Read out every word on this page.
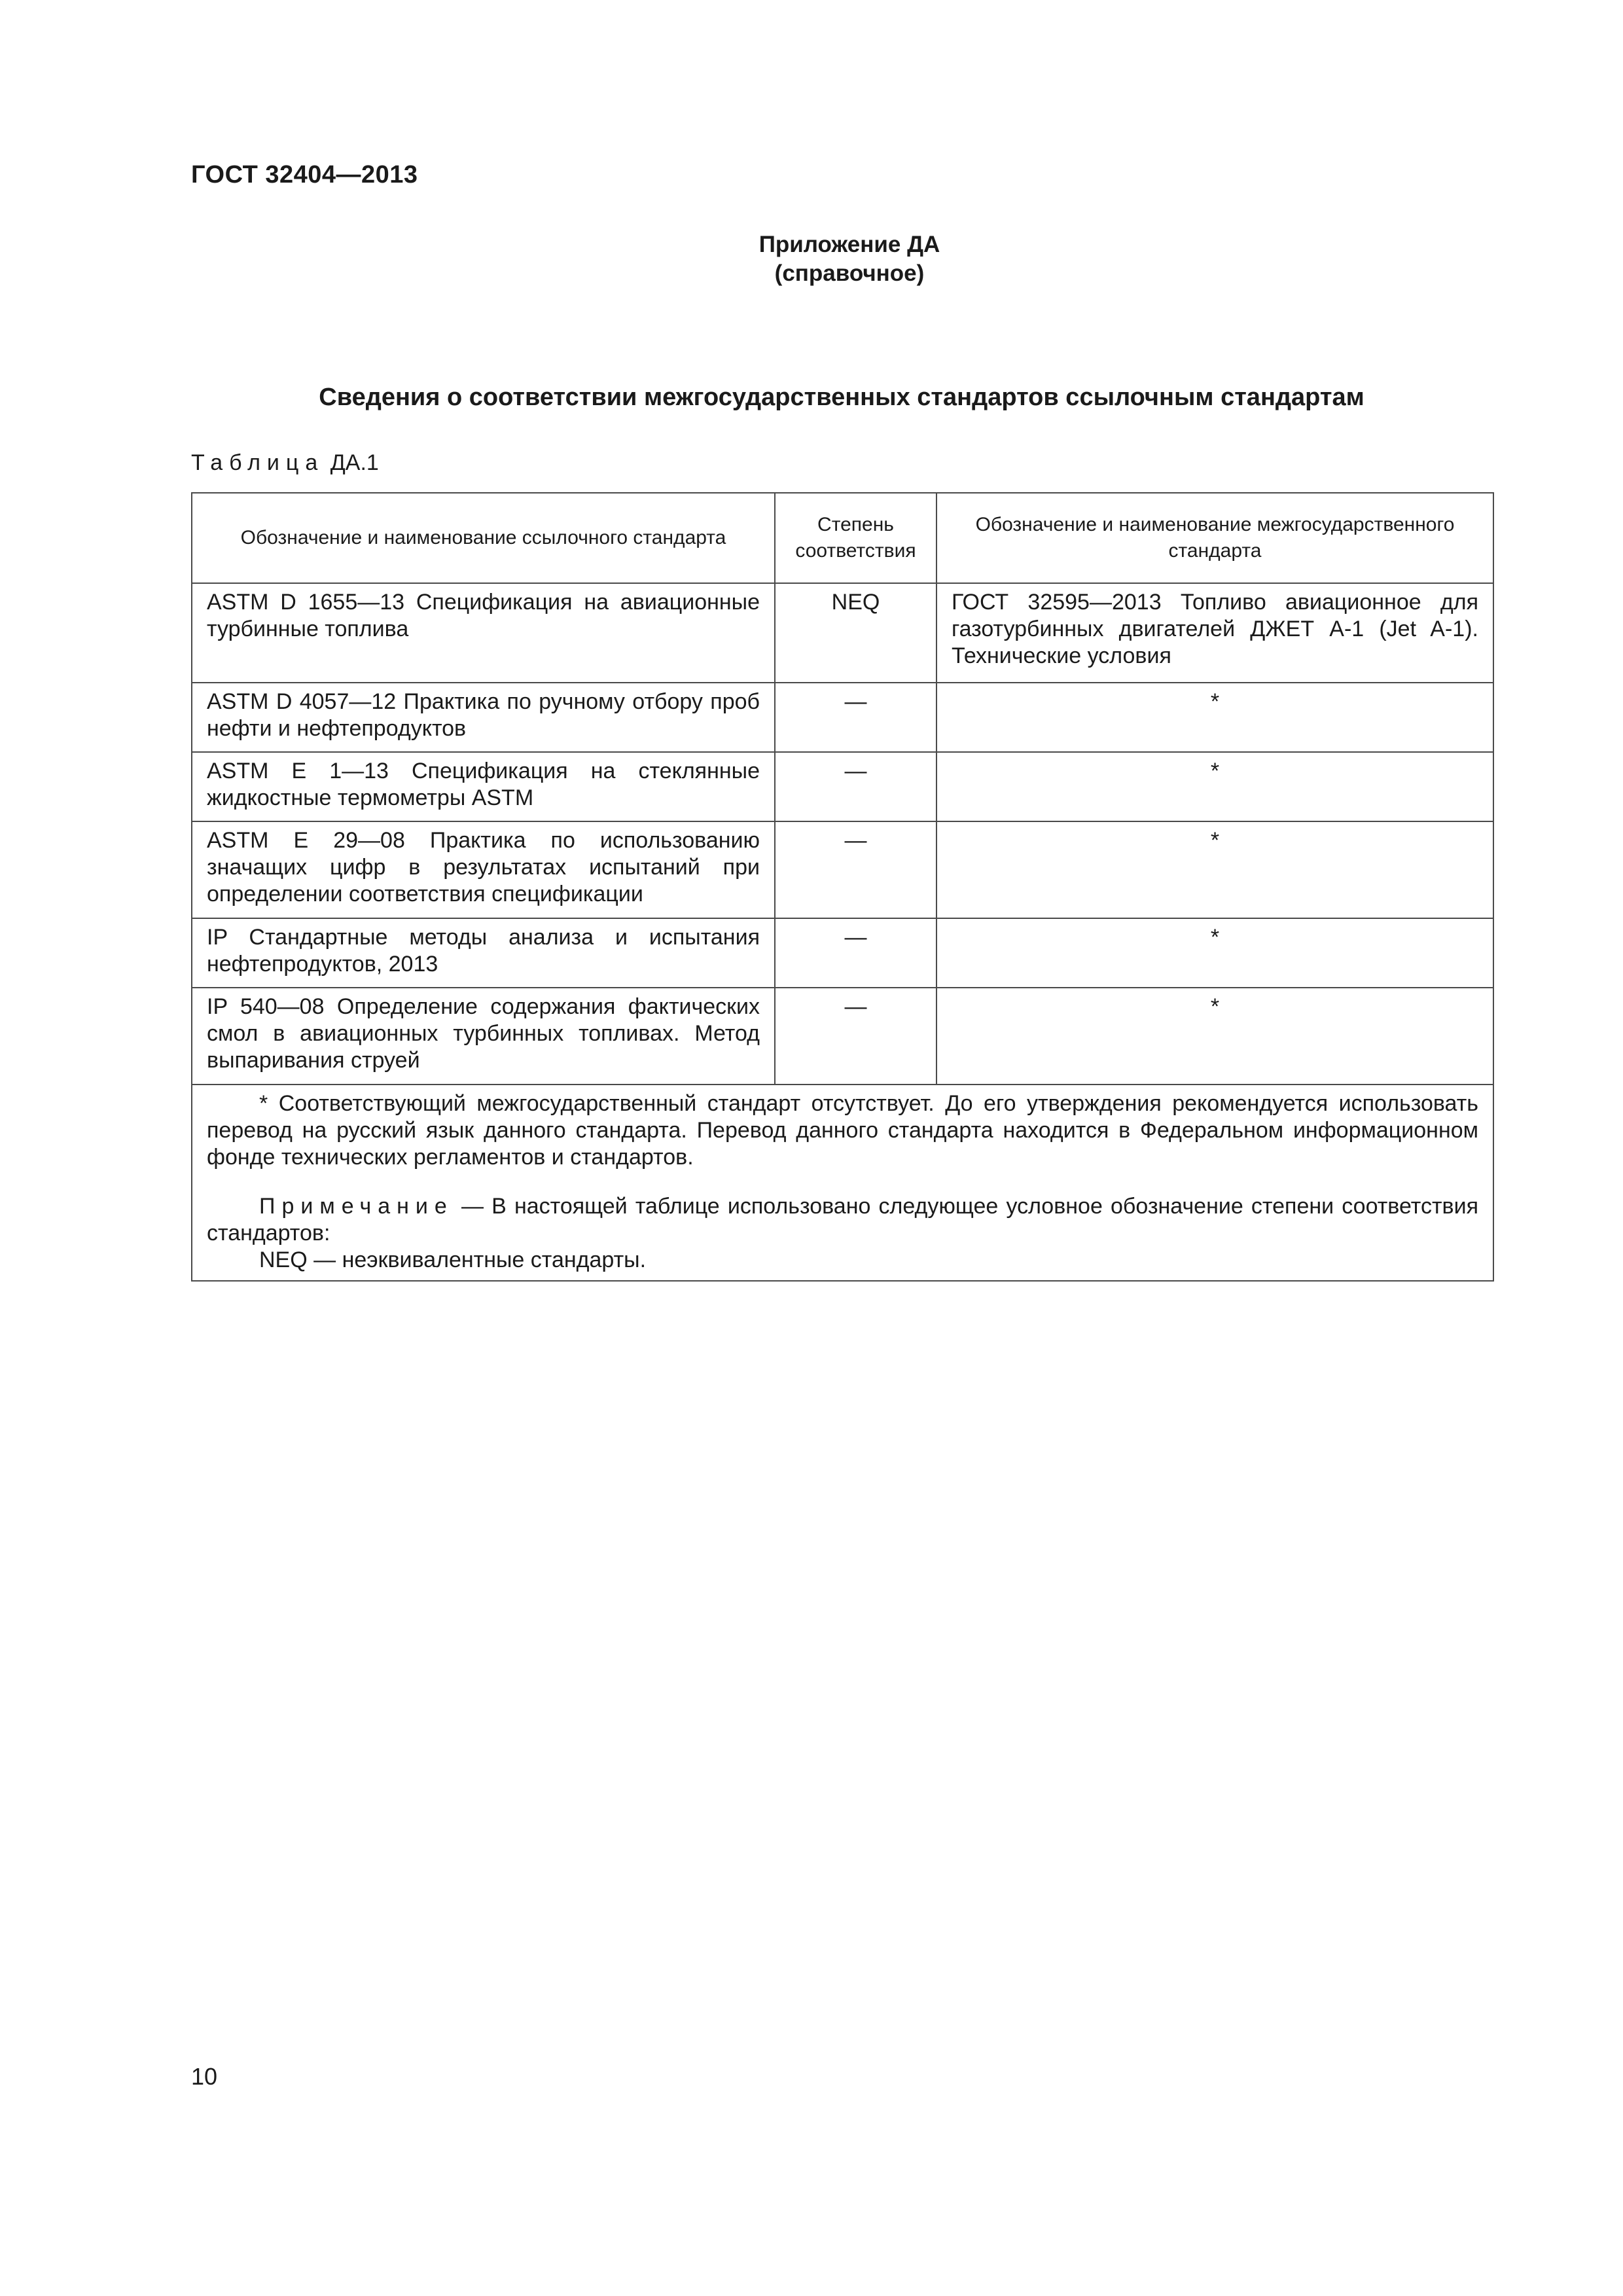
ГОСТ 32404—2013
Приложение ДА
(справочное)
Сведения о соответствии межгосударственных стандартов ссылочным стандартам
Таблица ДА.1
Обозначение и наименование ссылочного стандарта	Степень соответствия	Обозначение и наименование межгосударственного стандарта
ASTM D 1655—13 Спецификация на авиационные турбинные топлива	NEQ	ГОСТ 32595—2013 Топливо авиационное для газотурбинных двигателей ДЖЕТ А-1 (Jet A-1). Технические условия
ASTM D 4057—12 Практика по ручному отбору проб нефти и нефтепродуктов	—	*
ASTM E 1—13 Спецификация на стеклянные жидкостные термометры ASTM	—	*
ASTM E 29—08 Практика по использованию значащих цифр в результатах испытаний при определении соответствия спецификации	—	*
IP Стандартные методы анализа и испытания нефтепродуктов, 2013	—	*
IP 540—08 Определение содержания фактических смол в авиационных турбинных топливах. Метод выпаривания струей	—	*

* Соответствующий межгосударственный стандарт отсутствует. До его утверждения рекомендуется использовать перевод на русский язык данного стандарта. Перевод данного стандарта находится в Федеральном информационном фонде технических регламентов и стандартов.

Примечание — В настоящей таблице использовано следующее условное обозначение степени соответствия стандартов:

NEQ — неэквивалентные стандарты.		

10
